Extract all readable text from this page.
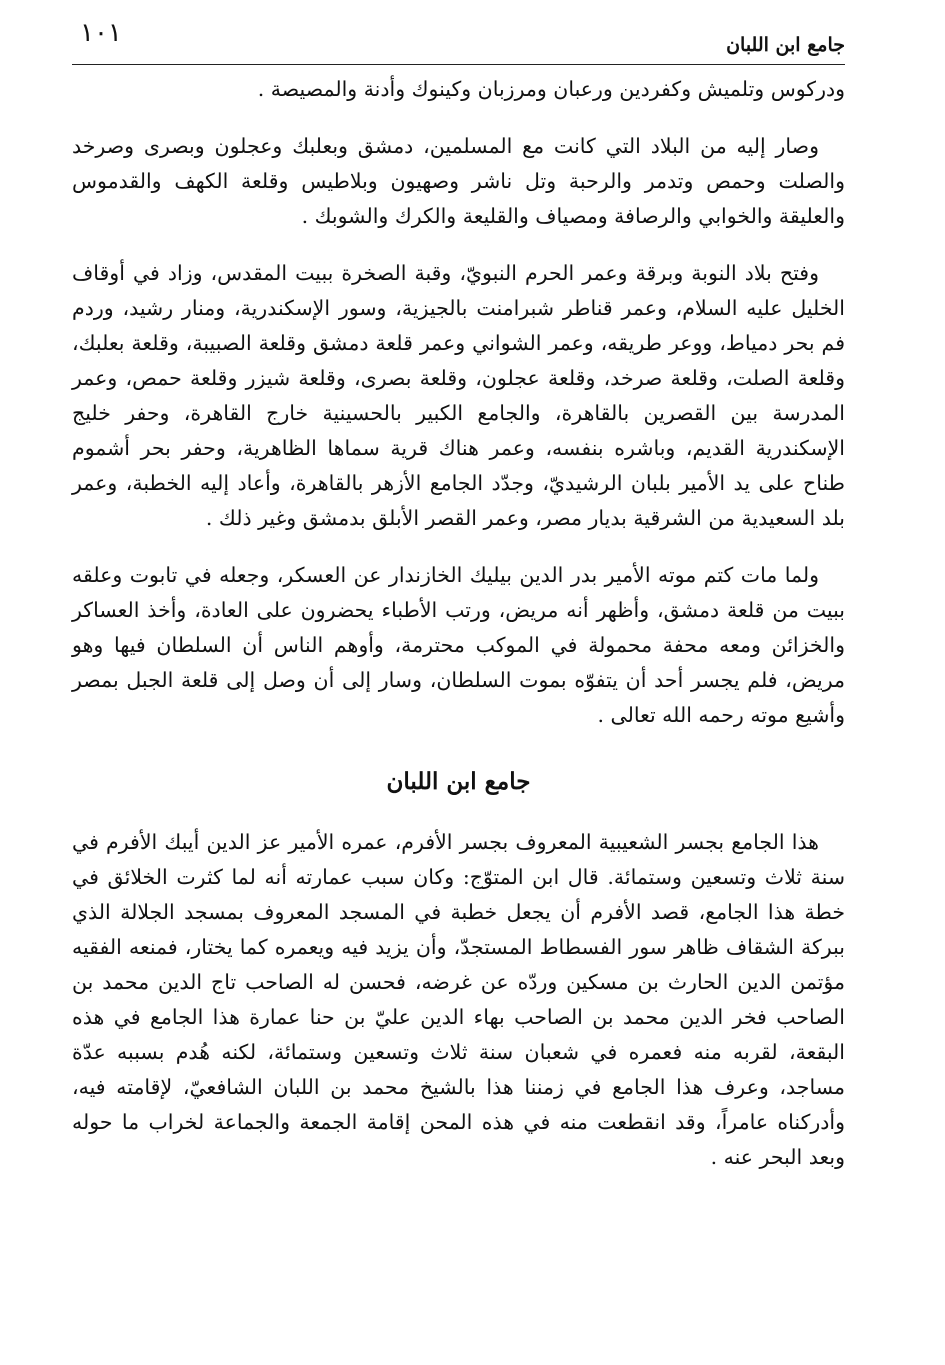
جامع ابن اللبان

١٠١

ودركوس وتلميش وكفردين ورعبان ومرزبان وكينوك وأدنة والمصيصة .

وصار إليه من البلاد التي كانت مع المسلمين، دمشق وبعلبك وعجلون وبصرى وصرخد والصلت وحمص وتدمر والرحبة وتل ناشر وصهيون وبلاطيس وقلعة الكهف والقدموس والعليقة والخوابي والرصافة ومصياف والقليعة والكرك والشوبك .

وفتح بلاد النوبة وبرقة وعمر الحرم النبويّ، وقبة الصخرة ببيت المقدس، وزاد في أوقاف الخليل عليه السلام، وعمر قناطر شبرامنت بالجيزية، وسور الإسكندرية، ومنار رشيد، وردم فم بحر دمياط، ووعر طريقه، وعمر الشواني وعمر قلعة دمشق وقلعة الصبيبة، وقلعة بعلبك، وقلعة الصلت، وقلعة صرخد، وقلعة عجلون، وقلعة بصرى، وقلعة شيزر وقلعة حمص، وعمر المدرسة بين القصرين بالقاهرة، والجامع الكبير بالحسينية خارج القاهرة، وحفر خليج الإسكندرية القديم، وباشره بنفسه، وعمر هناك قرية سماها الظاهرية، وحفر بحر أشموم طناح على يد الأمير بلبان الرشيديّ، وجدّد الجامع الأزهر بالقاهرة، وأعاد إليه الخطبة، وعمر بلد السعيدية من الشرقية بديار مصر، وعمر القصر الأبلق بدمشق وغير ذلك .

ولما مات كتم موته الأمير بدر الدين بيليك الخازندار عن العسكر، وجعله في تابوت وعلقه ببيت من قلعة دمشق، وأظهر أنه مريض، ورتب الأطباء يحضرون على العادة، وأخذ العساكر والخزائن ومعه محفة محمولة في الموكب محترمة، وأوهم الناس أن السلطان فيها وهو مريض، فلم يجسر أحد أن يتفوّه بموت السلطان، وسار إلى أن وصل إلى قلعة الجبل بمصر وأشيع موته رحمه الله تعالى .

جامع ابن اللبان

هذا الجامع بجسر الشعيبية المعروف بجسر الأفرم، عمره الأمير عز الدين أيبك الأفرم في سنة ثلاث وتسعين وستمائة. قال ابن المتوّج: وكان سبب عمارته أنه لما كثرت الخلائق في خطة هذا الجامع، قصد الأفرم أن يجعل خطبة في المسجد المعروف بمسجد الجلالة الذي ببركة الشقاف ظاهر سور الفسطاط المستجدّ، وأن يزيد فيه ويعمره كما يختار، فمنعه الفقيه مؤتمن الدين الحارث بن مسكين وردّه عن غرضه، فحسن له الصاحب تاج الدين محمد بن الصاحب فخر الدين محمد بن الصاحب بهاء الدين عليّ بن حنا عمارة هذا الجامع في هذه البقعة، لقربه منه فعمره في شعبان سنة ثلاث وتسعين وستمائة، لكنه هُدم بسببه عدّة مساجد، وعرف هذا الجامع في زمننا هذا بالشيخ محمد بن اللبان الشافعيّ، لإقامته فيه، وأدركناه عامراً، وقد انقطعت منه في هذه المحن إقامة الجمعة والجماعة لخراب ما حوله وبعد البحر عنه .
